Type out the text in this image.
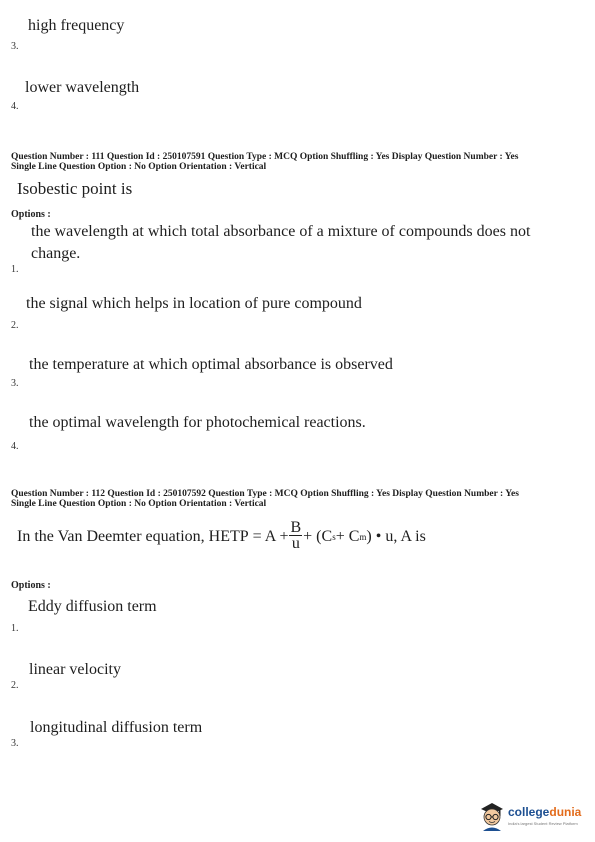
high frequency
3.
lower wavelength
4.
Question Number : 111 Question Id : 250107591 Question Type : MCQ Option Shuffling : Yes Display Question Number : Yes
Single Line Question Option : No Option Orientation : Vertical
Isobestic point is
Options :
the wavelength at which total absorbance of a mixture of compounds does not
change.
1.
the signal which helps in location of pure compound
2.
the temperature at which optimal absorbance is observed
3.
the optimal wavelength for photochemical reactions.
4.
Question Number : 112 Question Id : 250107592 Question Type : MCQ Option Shuffling : Yes Display Question Number : Yes
Single Line Question Option : No Option Orientation : Vertical
In the Van Deemter equation, HETP = $A + \frac{B}{u} + (C$ s + C m ) • u , A is
Options :
Eddy diffusion term
1.
linear velocity
2.
longitudinal diffusion term
3.
collegedunia
India's largest Student Review Platform
